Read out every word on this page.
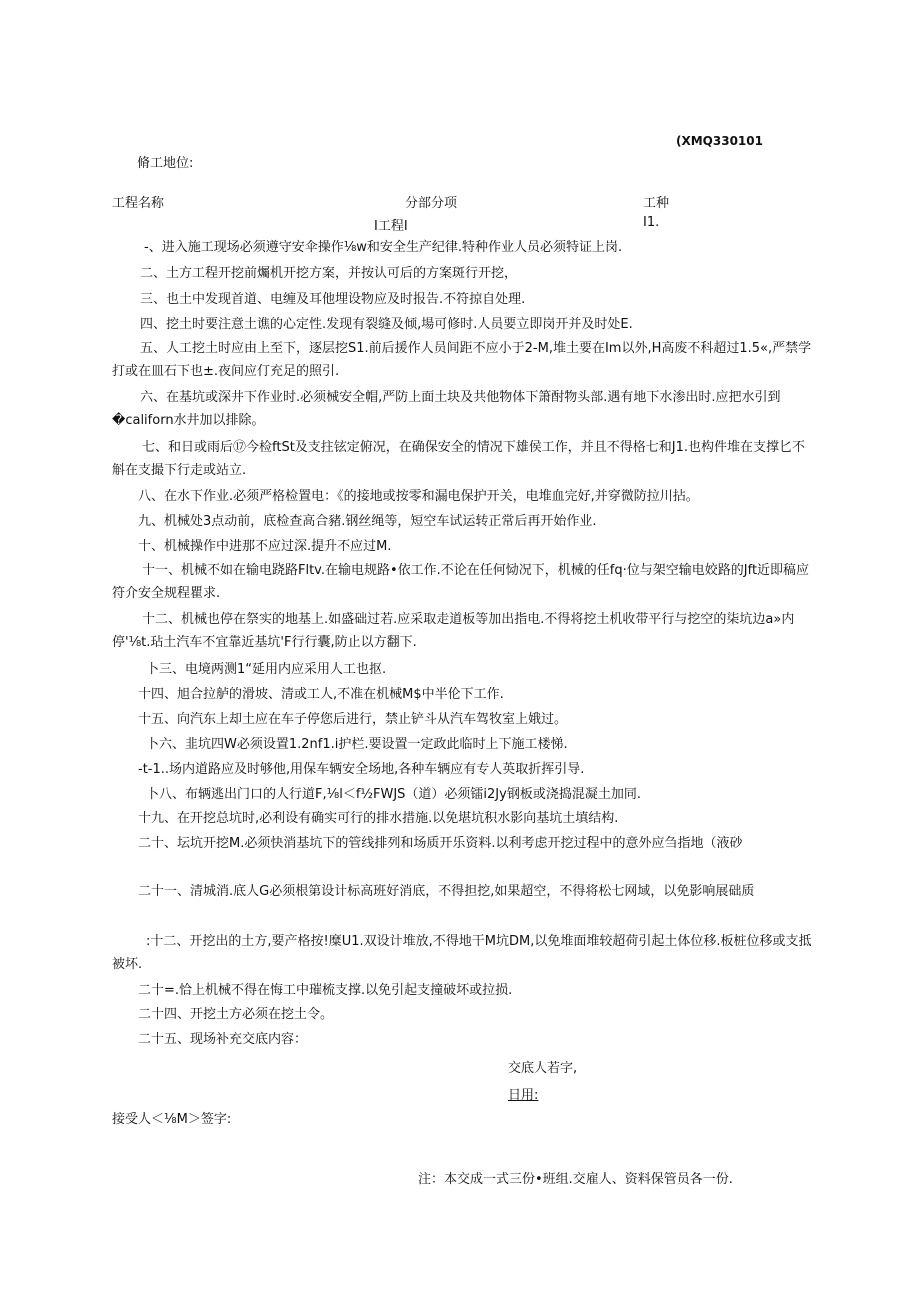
(XMQ330101
脩工地位:
工程名称	分部分项
I工程I
工种
I1.
-、进入施工现场必须遵守安伞操作⅛w和安全生产纪律.特种作业人员必须特证上岗.
二、土方工程开挖前爥机开挖方案，并按认可后的方案斑行开挖，
三、也土中发现首道、电缠及耳他埋设物应及时报告.不符掠自处理.
四、挖土时要注意土谯的心定性.发现有裂缝及倾,場可修时.人员要立即岗开并及时处E.
五、人工挖土时应由上至下，逐层挖S1.前后援作人员间距不应小于2-M,堆土要在Im以外,H高废不科超过1.5«,严禁学打或在皿石下也±.夜间应仃充足的照引.
六、在基坑或深井下作业时.必须械安全帽,严防上面土块及共他物体下箫酎物头部.遇有地下水渗出时.应把水引到�californ水井加以排除。
七、和日或雨后⑰今检ftSt及支拄铉定俯况，在确保安全的情况下雄侯工作，并且不得格七和J1.也构件堆在支撑匕不斛在支撮下行走或站立.
八、在水下作业.必须严格检置电：《的接地或按零和漏电保护开关，电堆血完好,并穿微防拉川拈。
九、机械处3点动前，底检查高合豬.钢丝绳等，短空车试运转正常后再开始作业.
十、机械操作中进那不应过深.提升不应过M.
十一、机械不如在输电跷路Fltv.在输电规路•依工作.不论在任何恸况下，机械的任fq·位与架空输电姣路的Jft近即稿应符介安全规程瞿求.
十二、机械也停在祭实的地基上.如盛础过若.应采取走道板等加出指电.不得将挖土机收带平行与挖空的柒坑边a»内停'⅛t.玷土汽车不宜靠近基坑'F行行囊,防止以方翻下.
卜三、电境两测1“延用内应采用人工也抠.
十四、旭合拉舻的滑坡、清或工人,不准在机械M$中半伦下工作.
十五、向汽东上却土应在车子停您后进行，禁止铲斗从汽车驾牧室上娥过。
卜六、韭坑四W必须设置1.2nf1.i护栏.要设置一定政此临时上下施工楼悌.
-t-1..场内道路应及时够他,用保车辆安全场地,各种车辆应有专人英取折挥引导.
卜八、布辆逃出门口的人行道F,⅛l＜f½FWJS（道）必须镭i2Jy钢板或浇捣混凝土加同.
十九、在开挖总坑时,必利设有确实可行的排水措施.以免堪坑积水影向基坑土填结构.
二十、坛坑开挖M.必须快消基坑下的管线排列和场质开乐资料.以利考虑开挖过程中的意外应刍指地（液砂
二十一、清城消.底人G必须根第设计标高班好消底，不得担挖,如果超空，不得将松七网域，以免影响展础质
:十二、开挖出的土方,要产格按!糜U1.双设计堆放,不得地干M坑DM,以免堆面堆较超荷引起土体位移.板桩位移或支抵被坏.
二十=.恰上机械不得在悔工中璀梳支撑.以免引起支撞破坏或拉损.
二十四、开挖土方必须在挖土令。
二十五、现场补充交底内容：
交底人若字,
日用:
接受人＜⅛M＞签字:
注：本交成一式三份•班组.交雇人、资料保管员各一份.
